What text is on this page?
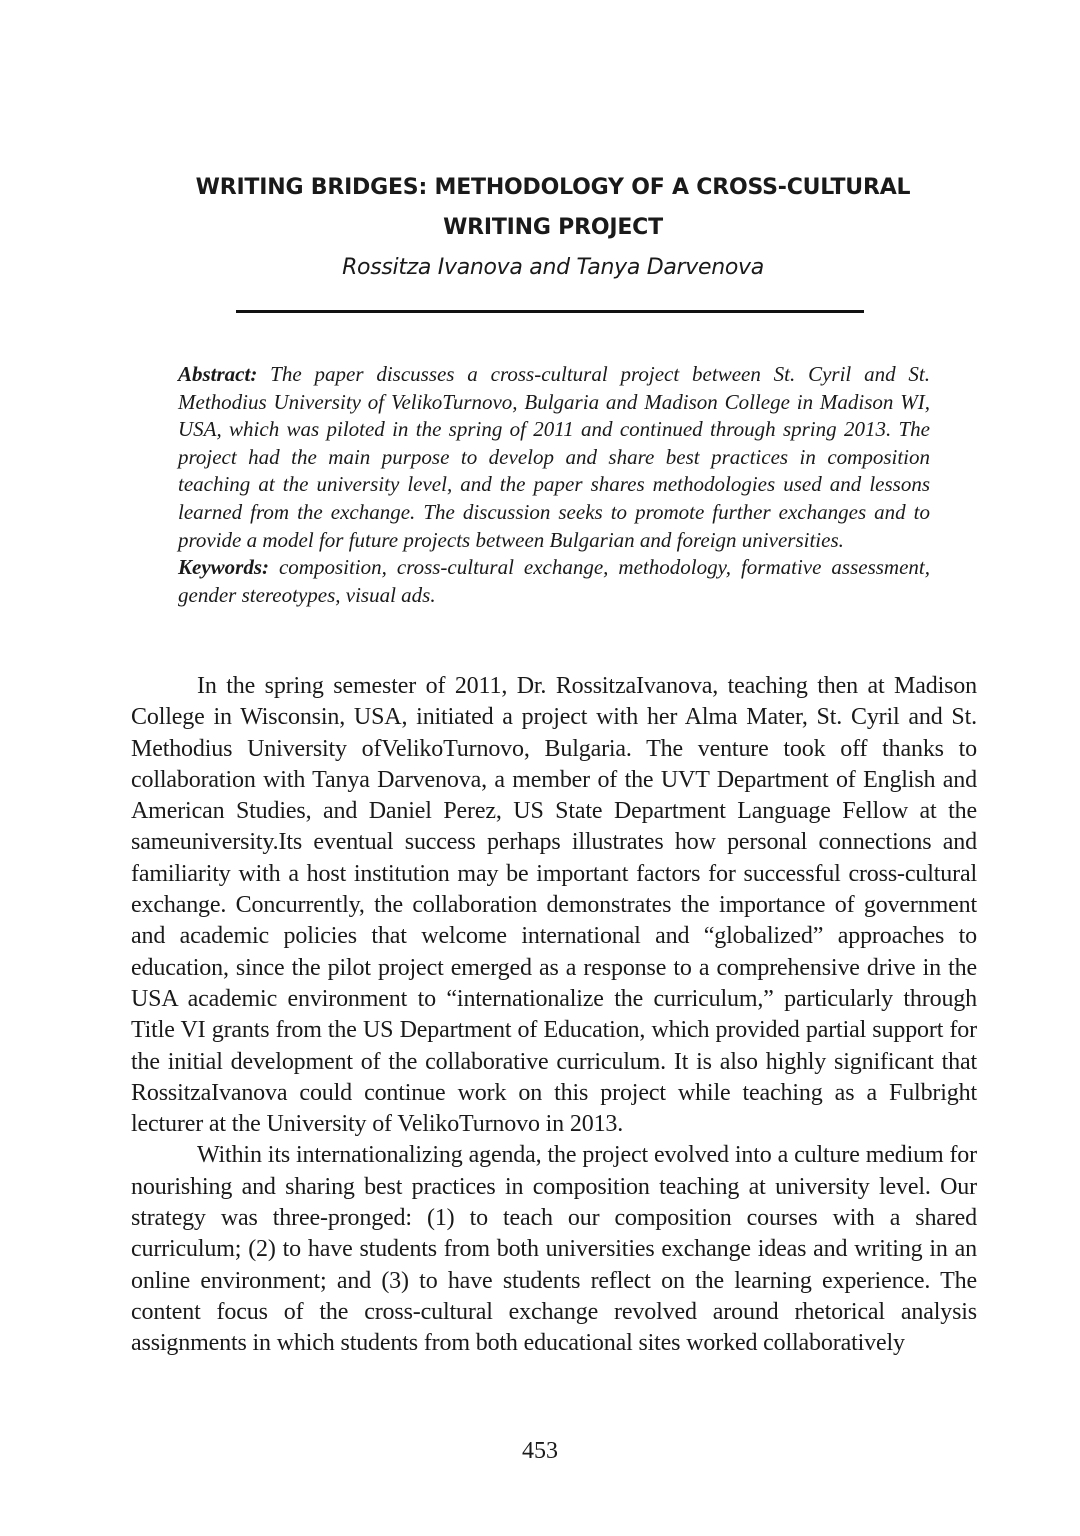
WRITING BRIDGES: METHODOLOGY OF A CROSS-CULTURAL
WRITING PROJECT
Rossitza Ivanova and Tanya Darvenova

Abstract: The paper discusses a cross-cultural project between St. Cyril and St. Methodius University of VelikoTurnovo, Bulgaria and Madison College in Madison WI, USA, which was piloted in the spring of 2011 and continued through spring 2013. The project had the main purpose to develop and share best practices in composition teaching at the university level, and the paper shares methodologies used and lessons learned from the exchange. The discussion seeks to promote further exchanges and to provide a model for future projects between Bulgarian and foreign universities.

Keywords: composition, cross-cultural exchange, methodology, formative assessment, gender stereotypes, visual ads.

In the spring semester of 2011, Dr. RossitzaIvanova, teaching then at Madison College in Wisconsin, USA, initiated a project with her Alma Mater, St. Cyril and St. Methodius University ofVelikoTurnovo, Bulgaria. The venture took off thanks to collaboration with Tanya Darvenova, a member of the UVT Department of English and American Studies, and Daniel Perez, US State Department Language Fellow at the sameuniversity.Its eventual success perhaps illustrates how personal connections and familiarity with a host institution may be important factors for successful cross-cultural exchange. Concurrently, the collaboration demonstrates the importance of government and academic policies that welcome international and “globalized” approaches to education, since the pilot project emerged as a response to a comprehensive drive in the USA academic environment to “internationalize the curriculum,” particularly through Title VI grants from the US Department of Education, which provided partial support for the initial development of the collaborative curriculum. It is also highly significant that RossitzaIvanova could continue work on this project while teaching as a Fulbright lecturer at the University of VelikoTurnovo in 2013.

Within its internationalizing agenda, the project evolved into a culture medium for nourishing and sharing best practices in composition teaching at university level. Our strategy was three-pronged: (1) to teach our composition courses with a shared curriculum; (2) to have students from both universities exchange ideas and writing in an online environment; and (3) to have students reflect on the learning experience. The content focus of the cross-cultural exchange revolved around rhetorical analysis assignments in which students from both educational sites worked collaboratively

453
